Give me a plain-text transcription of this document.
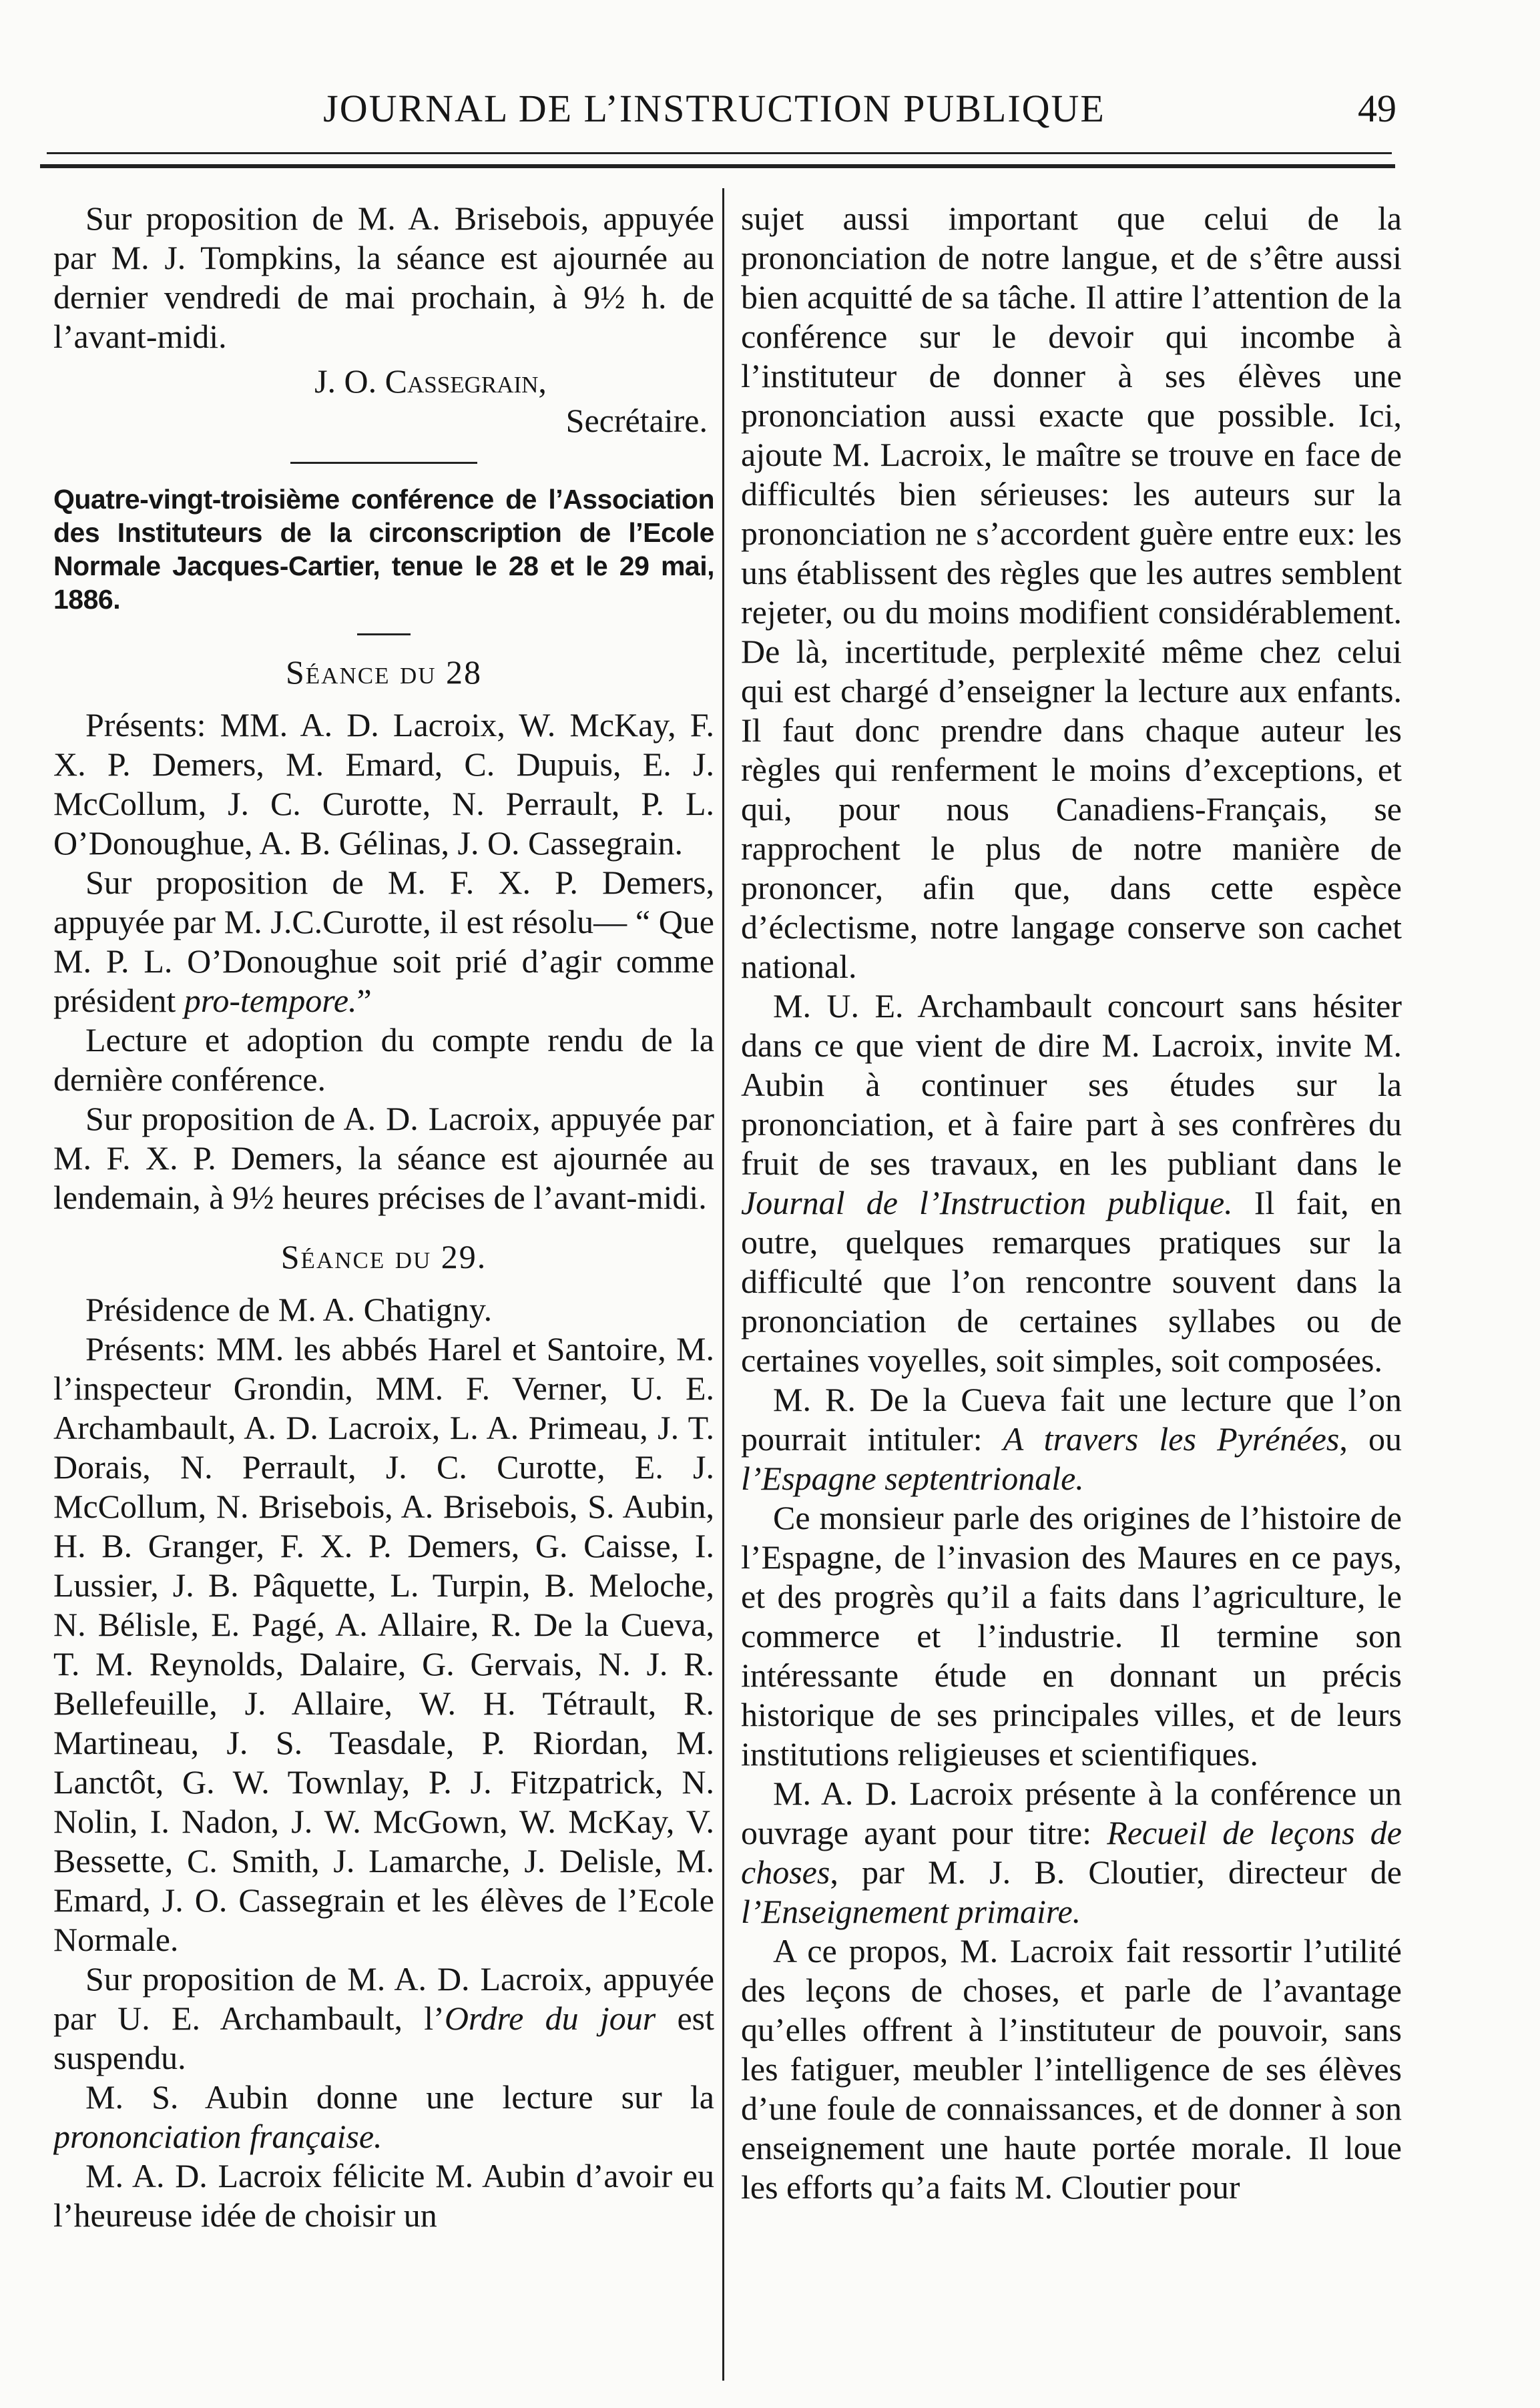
JOURNAL DE L’INSTRUCTION PUBLIQUE	49

Sur proposition de M. A. Brisebois, appuyée par M. J. Tompkins, la séance est ajournée au dernier vendredi de mai prochain, à 9½ h. de l’avant-midi.

J. O. Cassegrain,

Secrétaire.

Quatre-vingt-troisième conférence de l’Association des Instituteurs de la circonscription de l’Ecole Normale Jacques-Cartier, tenue le 28 et le 29 mai, 1886.

Séance du 28

Présents: MM. A. D. Lacroix, W. McKay, F. X. P. Demers, M. Emard, C. Dupuis, E. J. McCollum, J. C. Curotte, N. Perrault, P. L. O’Donoughue, A. B. Gélinas, J. O. Cassegrain.

Sur proposition de M. F. X. P. Demers, appuyée par M. J.C.Curotte, il est résolu— “ Que M. P. L. O’Donoughue soit prié d’agir comme président pro-tempore.”

Lecture et adoption du compte rendu de la dernière conférence.

Sur proposition de A. D. Lacroix, appuyée par M. F. X. P. Demers, la séance est ajournée au lendemain, à 9½ heures précises de l’avant-midi.

Séance du 29.

Présidence de M. A. Chatigny.

Présents: MM. les abbés Harel et Santoire, M. l’inspecteur Grondin, MM. F. Verner, U. E. Archambault, A. D. Lacroix, L. A. Primeau, J. T. Dorais, N. Perrault, J. C. Curotte, E. J. McCollum, N. Brisebois, A. Brisebois, S. Aubin, H. B. Granger, F. X. P. Demers, G. Caisse, I. Lussier, J. B. Pâquette, L. Turpin, B. Meloche, N. Bélisle, E. Pagé, A. Allaire, R. De la Cueva, T. M. Reynolds, Dalaire, G. Gervais, N. J. R. Bellefeuille, J. Allaire, W. H. Tétrault, R. Martineau, J. S. Teasdale, P. Riordan, M. Lanctôt, G. W. Townlay, P. J. Fitzpatrick, N. Nolin, I. Nadon, J. W. McGown, W. McKay, V. Bessette, C. Smith, J. Lamarche, J. Delisle, M. Emard, J. O. Cassegrain et les élèves de l’Ecole Normale.

Sur proposition de M. A. D. Lacroix, appuyée par U. E. Archambault, l’Ordre du jour est suspendu.

M. S. Aubin donne une lecture sur la prononciation française.

M. A. D. Lacroix félicite M. Aubin d’avoir eu l’heureuse idée de choisir un

sujet aussi important que celui de la prononciation de notre langue, et de s’être aussi bien acquitté de sa tâche. Il attire l’attention de la conférence sur le devoir qui incombe à l’instituteur de donner à ses élèves une prononciation aussi exacte que possible. Ici, ajoute M. Lacroix, le maître se trouve en face de difficultés bien sérieuses: les auteurs sur la prononciation ne s’accordent guère entre eux: les uns établissent des règles que les autres semblent rejeter, ou du moins modifient considérablement. De là, incertitude, perplexité même chez celui qui est chargé d’enseigner la lecture aux enfants. Il faut donc prendre dans chaque auteur les règles qui renferment le moins d’exceptions, et qui, pour nous Canadiens-Français, se rapprochent le plus de notre manière de prononcer, afin que, dans cette espèce d’éclectisme, notre langage conserve son cachet national.

M. U. E. Archambault concourt sans hésiter dans ce que vient de dire M. Lacroix, invite M. Aubin à continuer ses études sur la prononciation, et à faire part à ses confrères du fruit de ses travaux, en les publiant dans le Journal de l’Instruction publique. Il fait, en outre, quelques remarques pratiques sur la difficulté que l’on rencontre souvent dans la prononciation de certaines syllabes ou de certaines voyelles, soit simples, soit composées.

M. R. De la Cueva fait une lecture que l’on pourrait intituler: A travers les Pyrénées, ou l’Espagne septentrionale.

Ce monsieur parle des origines de l’histoire de l’Espagne, de l’invasion des Maures en ce pays, et des progrès qu’il a faits dans l’agriculture, le commerce et l’industrie. Il termine son intéressante étude en donnant un précis historique de ses principales villes, et de leurs institutions religieuses et scientifiques.

M. A. D. Lacroix présente à la conférence un ouvrage ayant pour titre: Recueil de leçons de choses, par M. J. B. Cloutier, directeur de l’Enseignement primaire.

A ce propos, M. Lacroix fait ressortir l’utilité des leçons de choses, et parle de l’avantage qu’elles offrent à l’instituteur de pouvoir, sans les fatiguer, meubler l’intelligence de ses élèves d’une foule de connaissances, et de donner à son enseignement une haute portée morale. Il loue les efforts qu’a faits M. Cloutier pour
